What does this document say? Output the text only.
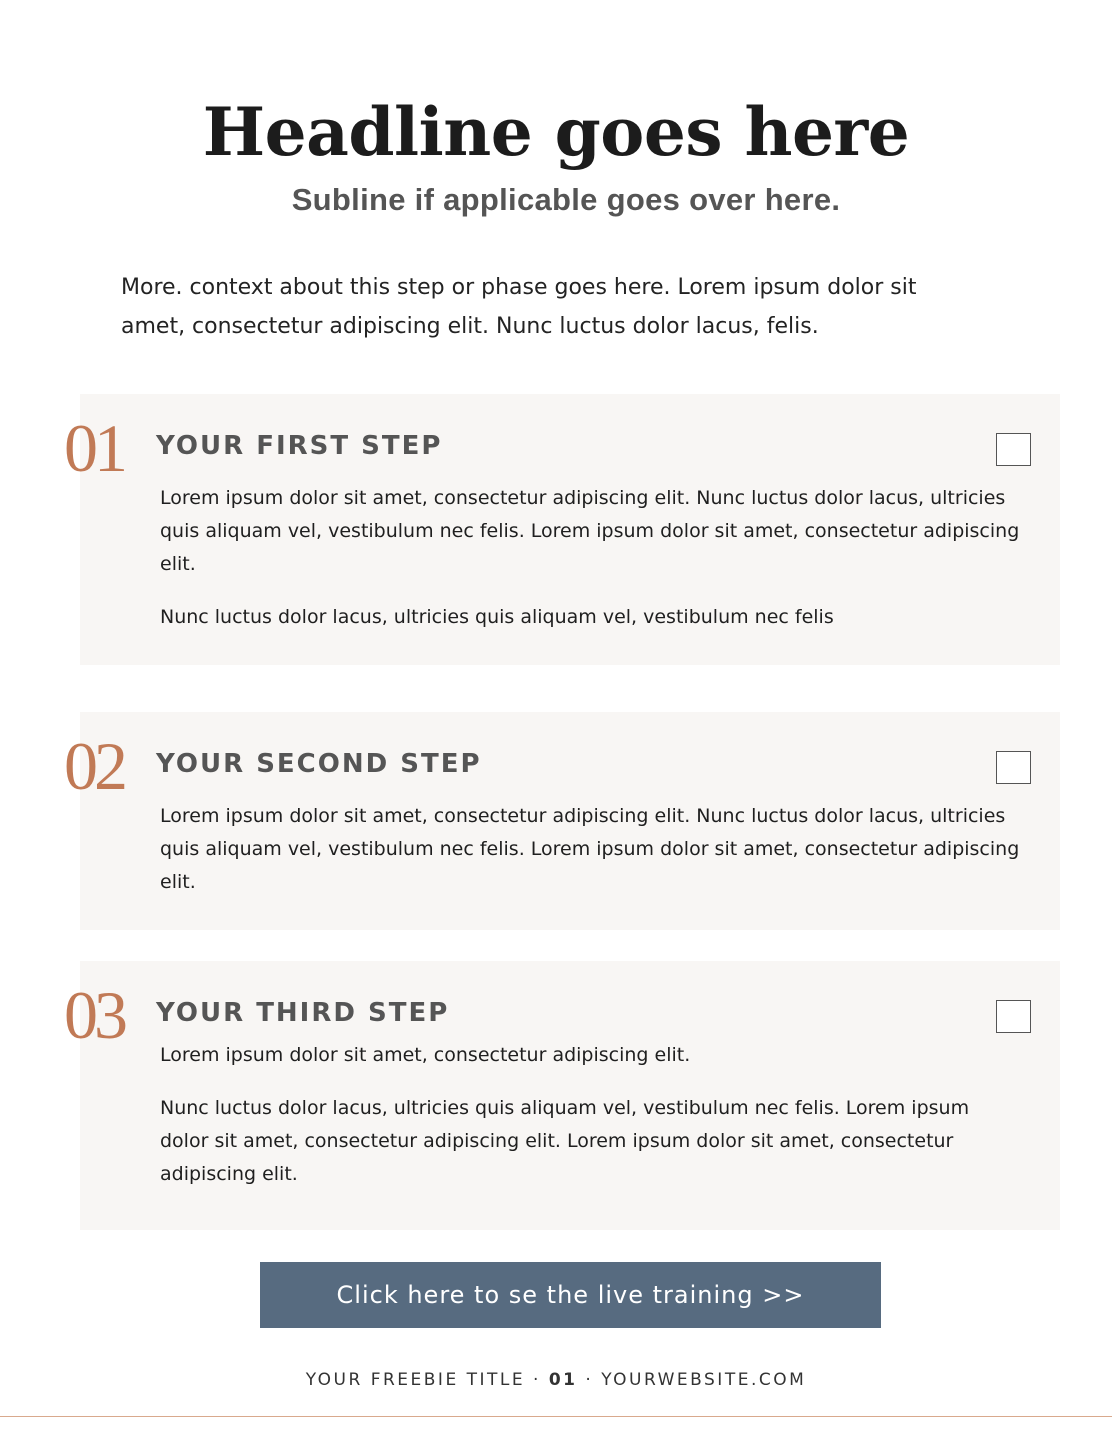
Headline goes here
Subline if applicable goes over here.
More. context about this step or phase goes here. Lorem ipsum dolor sit
amet, consectetur adipiscing elit. Nunc luctus dolor lacus, felis.
01 YOUR FIRST STEP

Lorem ipsum dolor sit amet, consectetur adipiscing elit. Nunc luctus dolor lacus, ultricies quis aliquam vel, vestibulum nec felis. Lorem ipsum dolor sit amet, consectetur adipiscing elit.

Nunc luctus dolor lacus, ultricies quis aliquam vel, vestibulum nec felis

02 YOUR SECOND STEP

Lorem ipsum dolor sit amet, consectetur adipiscing elit. Nunc luctus dolor lacus, ultricies quis aliquam vel, vestibulum nec felis. Lorem ipsum dolor sit amet, consectetur adipiscing elit.

03 YOUR THIRD STEP

Lorem ipsum dolor sit amet, consectetur adipiscing elit.

Nunc luctus dolor lacus, ultricies quis aliquam vel, vestibulum nec felis. Lorem ipsum dolor sit amet, consectetur adipiscing elit. Lorem ipsum dolor sit amet, consectetur adipiscing elit.

Click here to se the live training >>
YOUR FREEBIE TITLE · 01 · YOURWEBSITE.COM
